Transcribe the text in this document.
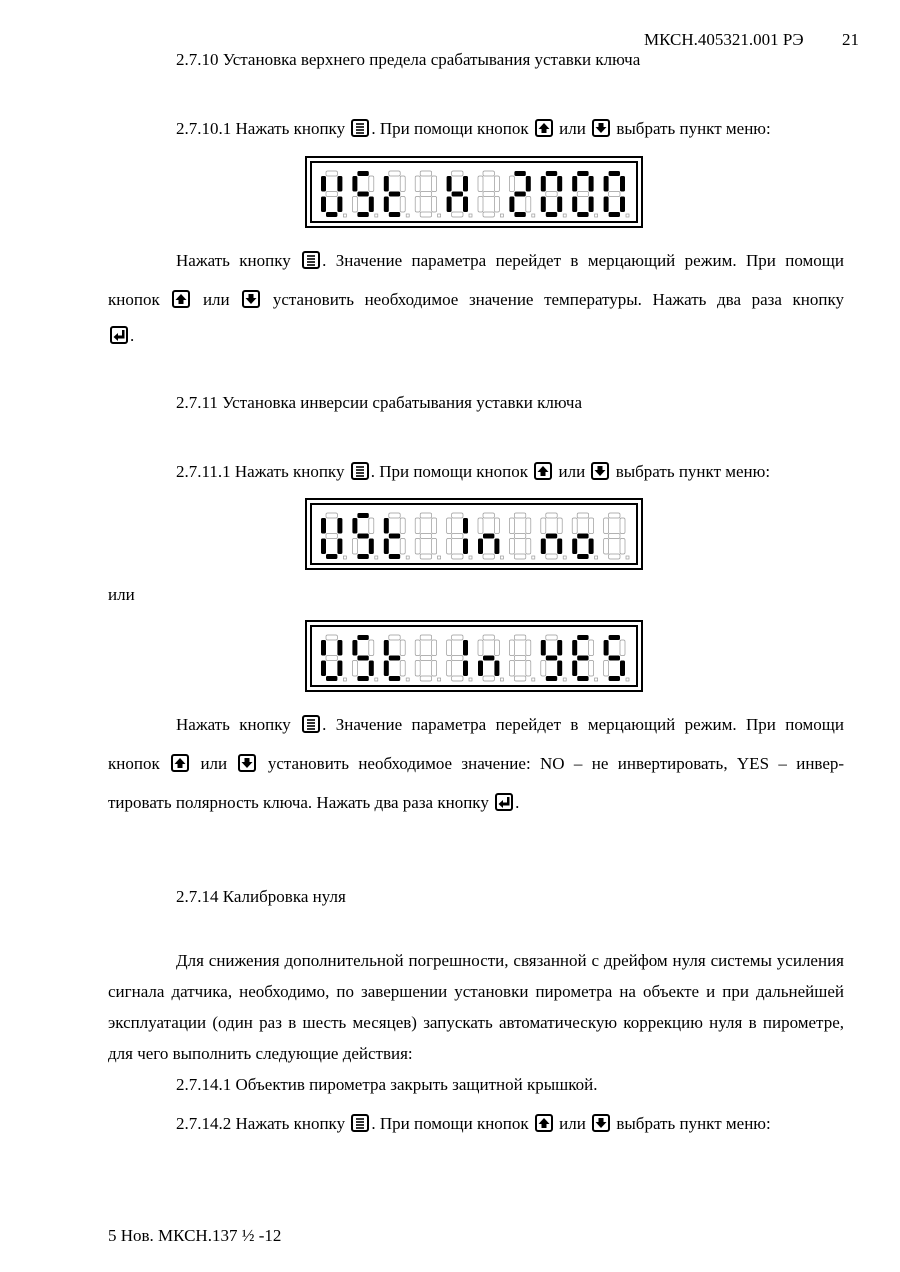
МКСН.405321.001 РЭ 21
2.7.10 Установка верхнего предела срабатывания уставки ключа
2.7.10.1 Нажать кнопку . При помощи кнопок или выбрать пункт меню:
Нажать кнопку . Значение параметра перейдет в мерцающий режим. При помощи
кнопок	или	установить необходимое значение температуры. Нажать два раза кнопку
.
2.7.11 Установка инверсии срабатывания уставки ключа
2.7.11.1 Нажать кнопку . При помощи кнопок или выбрать пункт меню:
или
Нажать кнопку . Значение параметра перейдет в мерцающий режим. При помощи
кнопок или установить необходимое значение: NO – не инвертировать, YES – инвер-
тировать полярность ключа. Нажать два раза кнопку .
2.7.14 Калибровка нуля

Для снижения дополнительной погрешности, связанной с дрейфом нуля системы усиления сигнала датчика, необходимо, по завершении установки пирометра на объекте и при дальнейшей эксплуатации (один раз в шесть месяцев) запускать автоматическую коррекцию нуля в пирометре, для чего выполнить следующие действия:

2.7.14.1 Объектив пирометра закрыть защитной крышкой.
2.7.14.2 Нажать кнопку . При помощи кнопок или выбрать пункт меню:
5 Нов. МКСН.137 ½ -12
